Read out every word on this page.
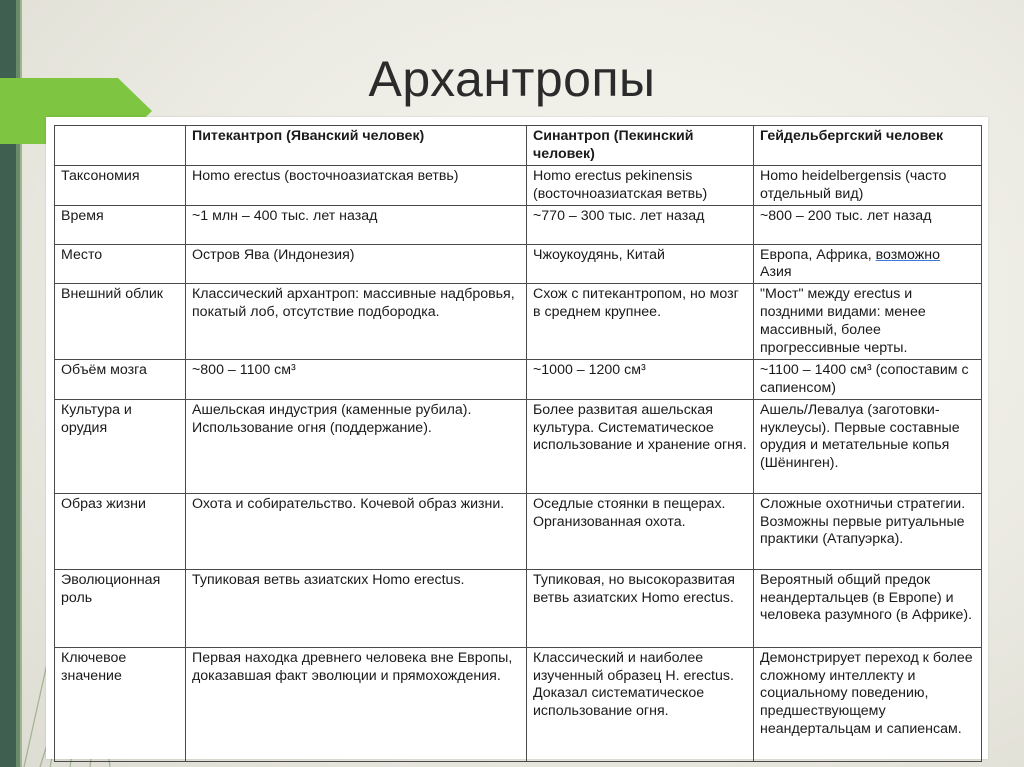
Архантропы
	Питекантроп (Яванский человек)	Синантроп (Пекинский человек)	Гейдельбергский человек
Таксономия	Homo erectus (восточноазиатская ветвь)	Homo erectus pekinensis (восточноазиатская ветвь)	Homo heidelbergensis (часто отдельный вид)
Время	~1 млн – 400 тыс. лет назад	~770 – 300 тыс. лет назад	~800 – 200 тыс. лет назад
Место	Остров Ява (Индонезия)	Чжоукоудянь, Китай	Европа, Африка, возможно Азия
Внешний облик	Классический архантроп: массивные надбровья, покатый лоб, отсутствие подбородка.	Схож с питекантропом, но мозг в среднем крупнее.	"Мост" между erectus и поздними видами: менее массивный, более прогрессивные черты.
Объём мозга	~800 – 1100 см³	~1000 – 1200 см³	~1100 – 1400 см³ (сопоставим с сапиенсом)
Культура и орудия	Ашельская индустрия (каменные рубила). Использование огня (поддержание).	Более развитая ашельская культура. Систематическое использование и хранение огня.	Ашель/Левалуа (заготовки-нуклеусы). Первые составные орудия и метательные копья (Шёнинген).
Образ жизни	Охота и собирательство. Кочевой образ жизни.	Оседлые стоянки в пещерах. Организованная охота.	Сложные охотничьи стратегии. Возможны первые ритуальные практики (Атапуэрка).
Эволюционная роль	Тупиковая ветвь азиатских Homo erectus.	Тупиковая, но высокоразвитая ветвь азиатских Homo erectus.	Вероятный общий предок неандертальцев (в Европе) и человека разумного (в Африке).
Ключевое значение	Первая находка древнего человека вне Европы, доказавшая факт эволюции и прямохождения.	Классический и наиболее изученный образец H. erectus. Доказал систематическое использование огня.	Демонстрирует переход к более сложному интеллекту и социальному поведению, предшествующему неандертальцам и сапиенсам.
